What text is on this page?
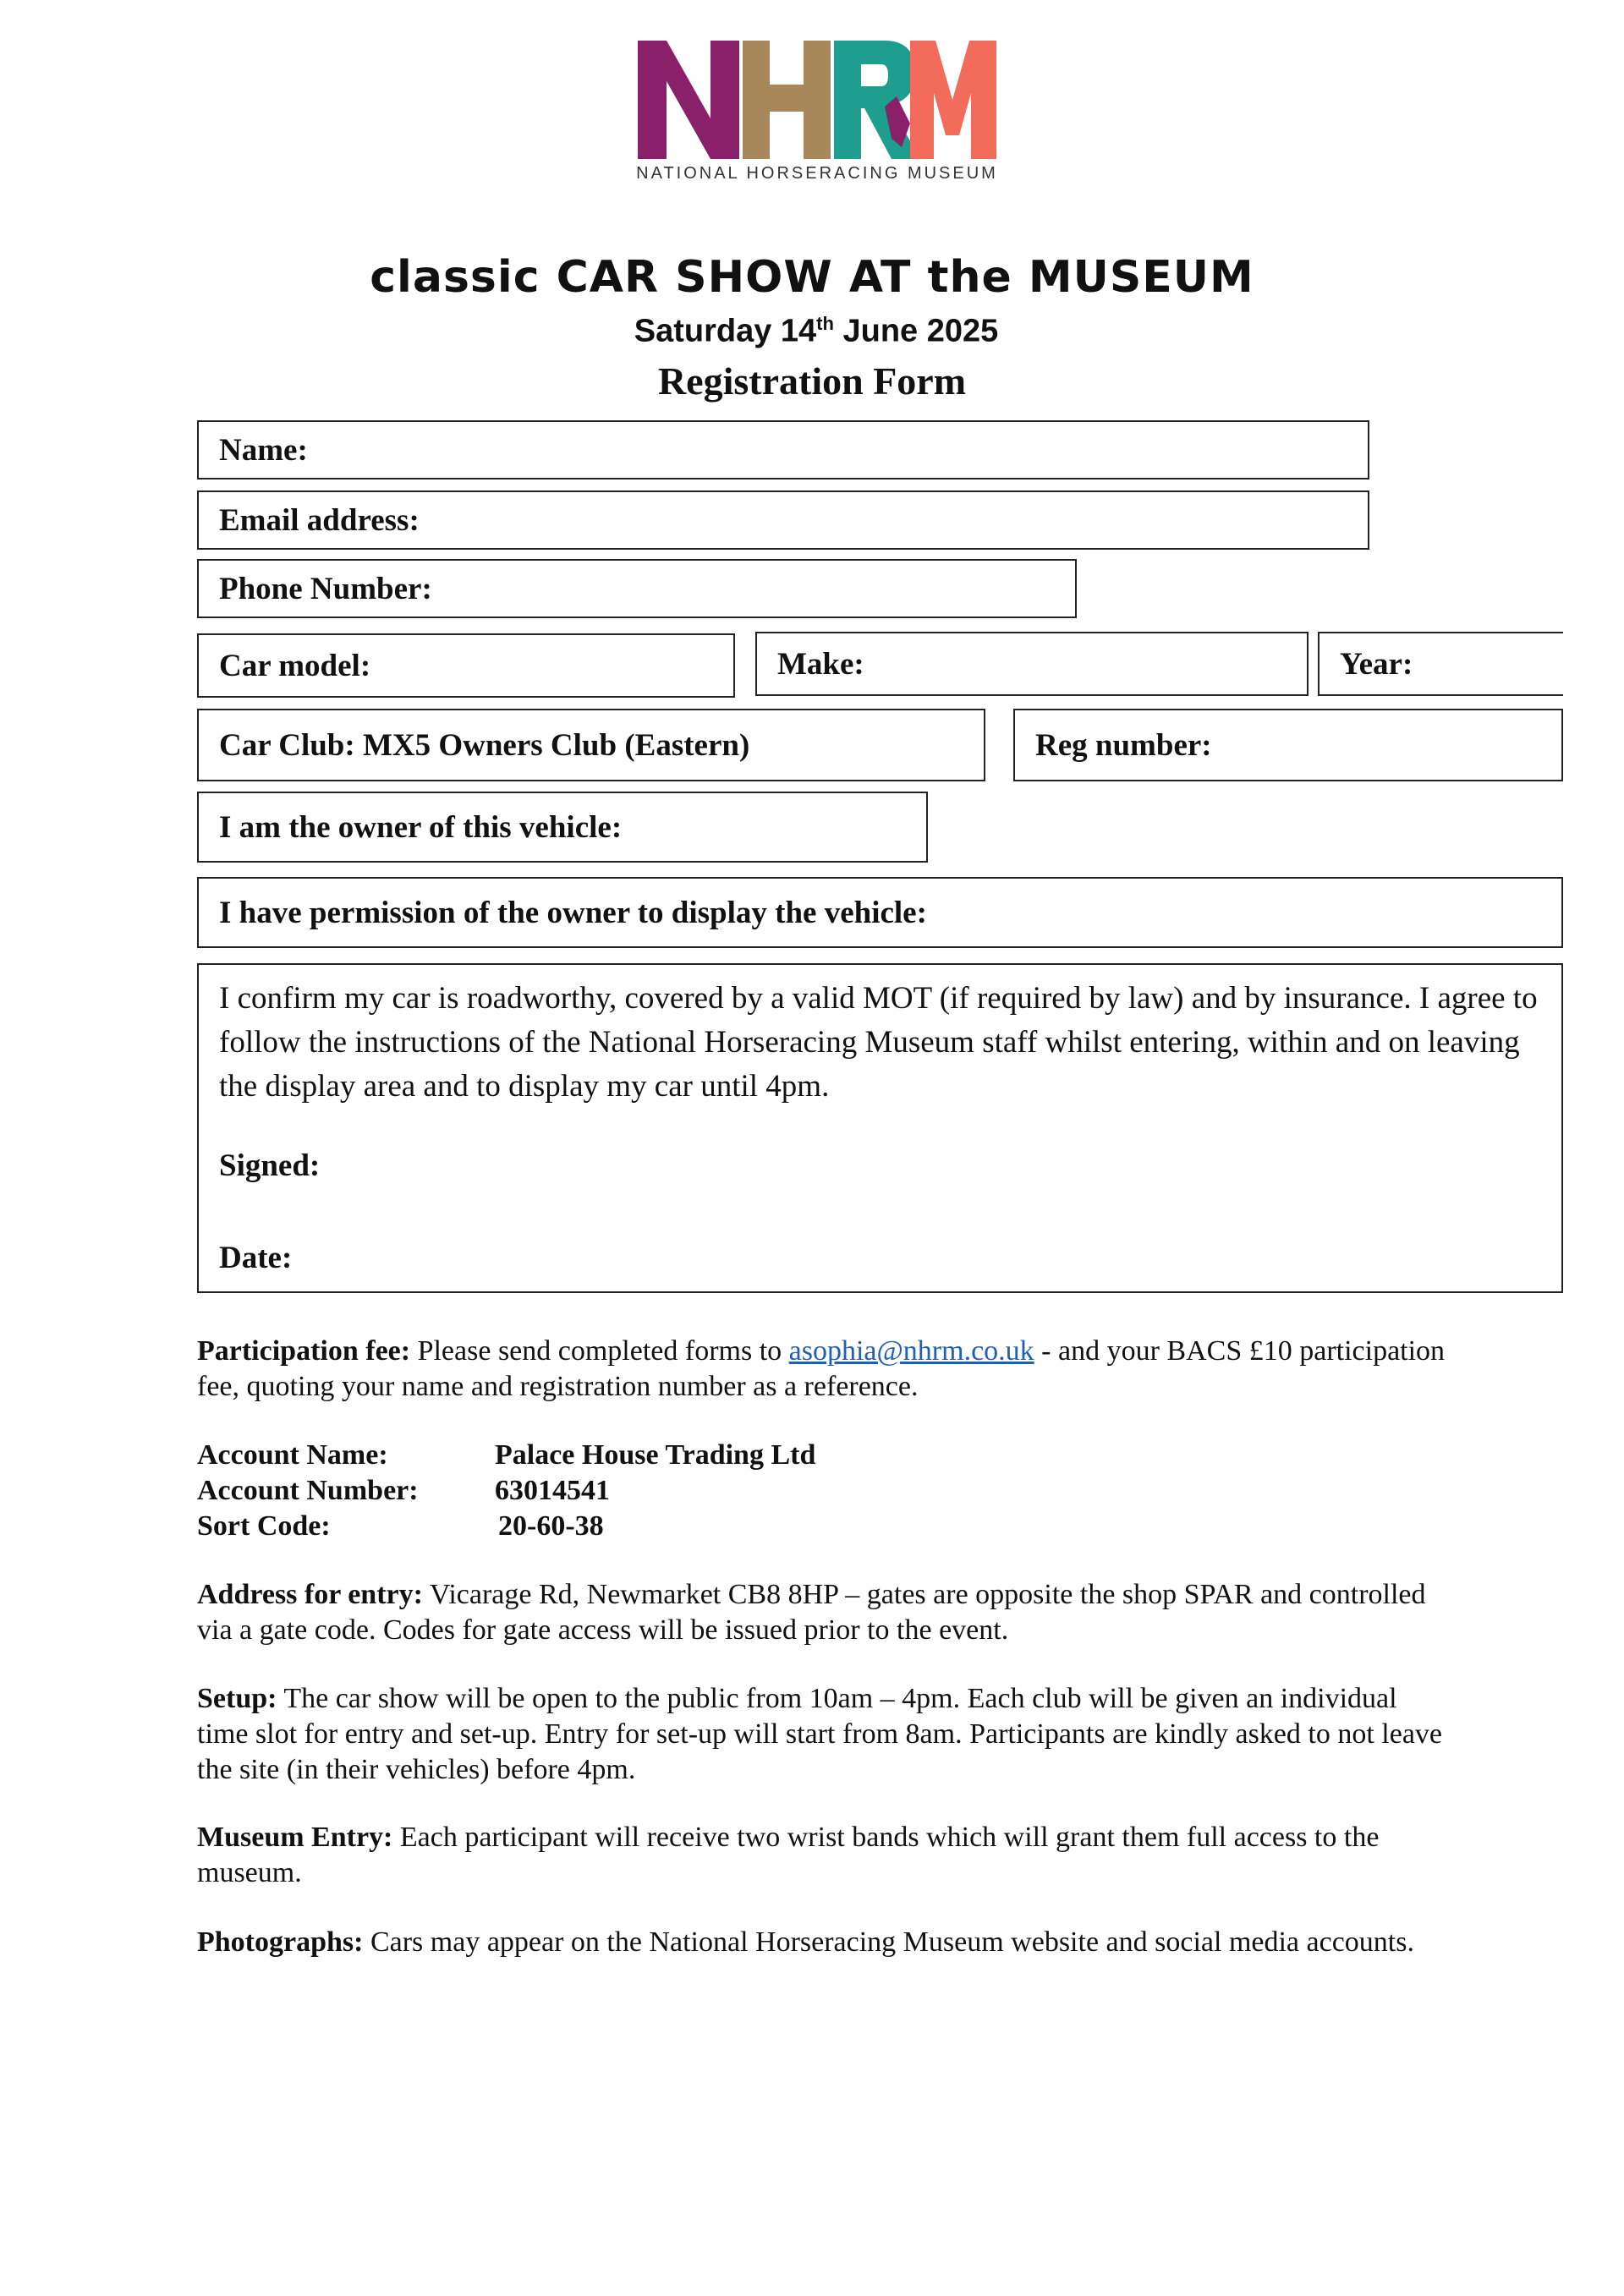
NATIONAL HORSERACING MUSEUM
classic CAR SHOW AT the MUSEUM
Saturday 14th June 2025
Registration Form
Name:
Email address:
Phone Number:
Car model:	Make:	Year:
Car Club: MX5 Owners Club (Eastern)	Reg number:
I am the owner of this vehicle:
I have permission of the owner to display the vehicle:
I confirm my car is roadworthy, covered by a valid MOT (if required by law) and by insurance. I agree to follow the instructions of the National Horseracing Museum staff whilst entering, within and on leaving the display area and to display my car until 4pm.
Signed:
Date:
Participation fee: Please send completed forms to asophia@nhrm.co.uk - and your BACS £10 participation fee, quoting your name and registration number as a reference.
Account Name:	Palace House Trading Ltd
Account Number:	63014541
Sort Code:	20-60-38
Address for entry: Vicarage Rd, Newmarket CB8 8HP – gates are opposite the shop SPAR and controlled via a gate code. Codes for gate access will be issued prior to the event.
Setup: The car show will be open to the public from 10am – 4pm. Each club will be given an individual time slot for entry and set-up. Entry for set-up will start from 8am. Participants are kindly asked to not leave the site (in their vehicles) before 4pm.
Museum Entry: Each participant will receive two wrist bands which will grant them full access to the museum.
Photographs: Cars may appear on the National Horseracing Museum website and social media accounts.
